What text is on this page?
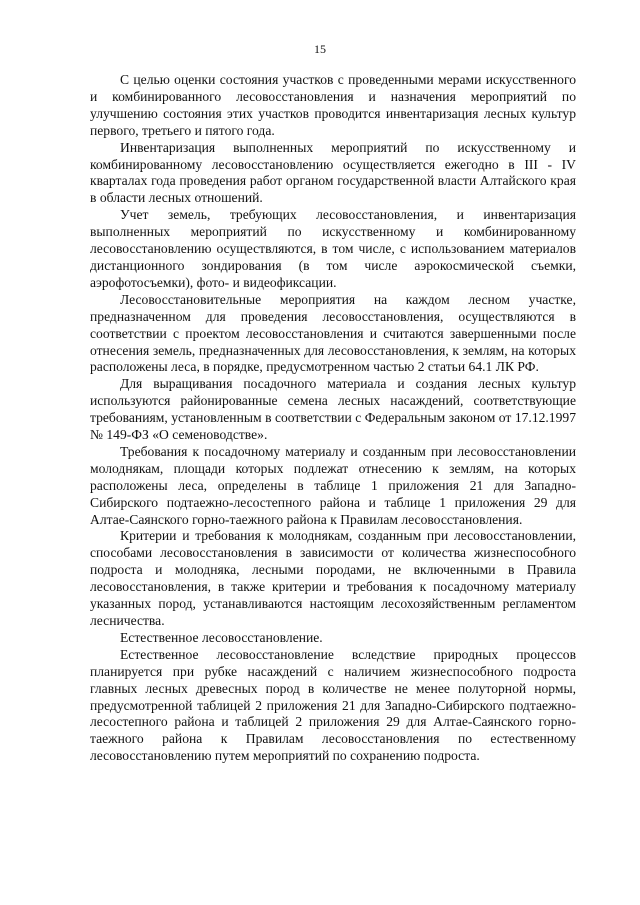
15

С целью оценки состояния участков с проведенными мерами искусственного и комбинированного лесовосстановления и назначения мероприятий по улучшению состояния этих участков проводится инвентаризация лесных культур первого, третьего и пятого года.

Инвентаризация выполненных мероприятий по искусственному и комбинированному лесовосстановлению осуществляется ежегодно в III - IV кварталах года проведения работ органом государственной власти Алтайского края в области лесных отношений.

Учет земель, требующих лесовосстановления, и инвентаризация выполненных мероприятий по искусственному и комбинированному лесовосстановлению осуществляются, в том числе, с использованием материалов дистанционного зондирования (в том числе аэрокосмической съемки, аэрофотосъемки), фото- и видеофиксации.

Лесовосстановительные мероприятия на каждом лесном участке, предназначенном для проведения лесовосстановления, осуществляются в соответствии с проектом лесовосстановления и считаются завершенными после отнесения земель, предназначенных для лесовосстановления, к землям, на которых расположены леса, в порядке, предусмотренном частью 2 статьи 64.1 ЛК РФ.

Для выращивания посадочного материала и создания лесных культур используются районированные семена лесных насаждений, соответствующие требованиям, установленным в соответствии с Федеральным законом от 17.12.1997 № 149-ФЗ «О семеноводстве».

Требования к посадочному материалу и созданным при лесовосстановлении молоднякам, площади которых подлежат отнесению к землям, на которых расположены леса, определены в таблице 1 приложения 21 для Западно-Сибирского подтаежно-лесостепного района и таблице 1 приложения 29 для Алтае-Саянского горно-таежного района к Правилам лесовосстановления.

Критерии и требования к молоднякам, созданным при лесовосстановлении, способами лесовосстановления в зависимости от количества жизнеспособного подроста и молодняка, лесными породами, не включенными в Правила лесовосстановления, в также критерии и требования к посадочному материалу указанных пород, устанавливаются настоящим лесохозяйственным регламентом лесничества.

Естественное лесовосстановление.

Естественное лесовосстановление вследствие природных процессов планируется при рубке насаждений с наличием жизнеспособного подроста главных лесных древесных пород в количестве не менее полуторной нормы, предусмотренной таблицей 2 приложения 21 для Западно-Сибирского подтаежно-лесостепного района и таблицей 2 приложения 29 для Алтае-Саянского горно-таежного района к Правилам лесовосстановления по естественному лесовосстановлению путем мероприятий по сохранению подроста.
